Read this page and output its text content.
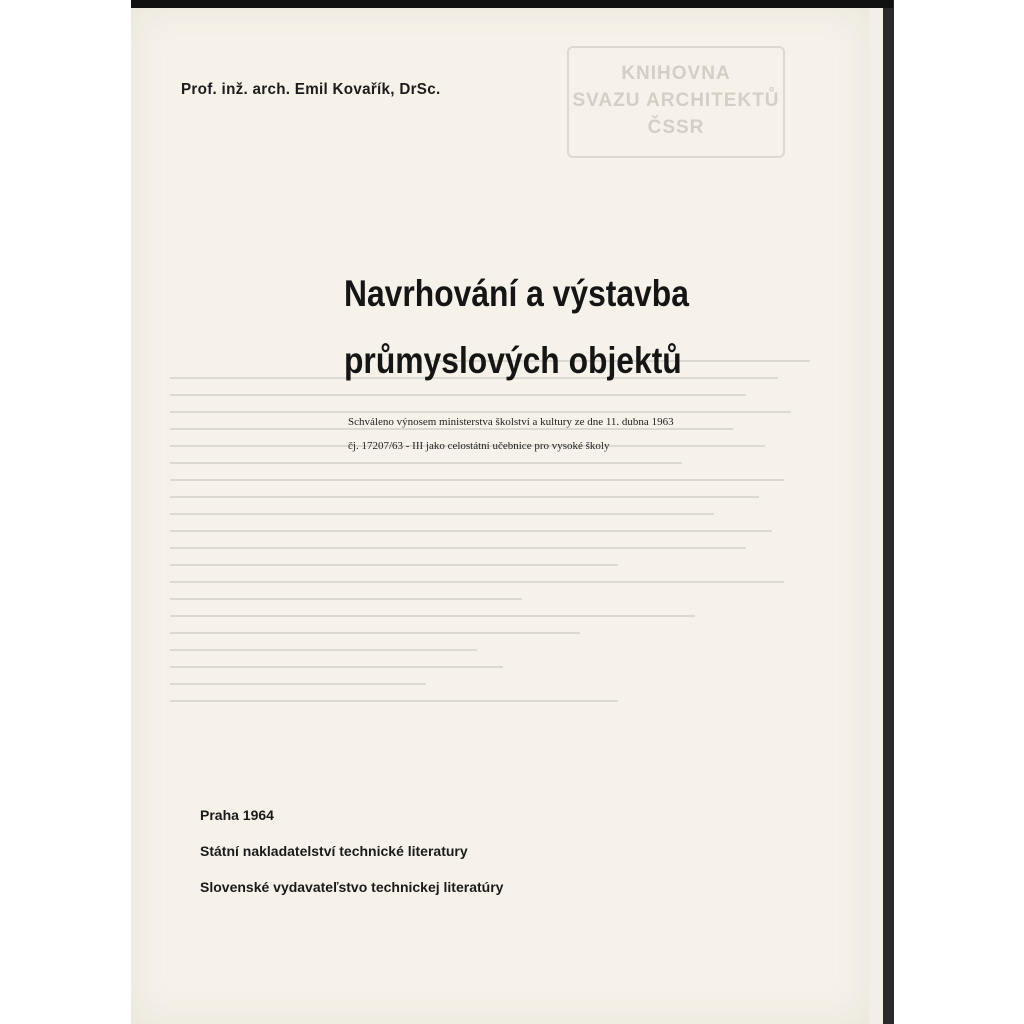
KNIHOVNA
SVAZU ARCHITEKTŮ
ČSSR
Prof. inž. arch. Emil Kovařík, DrSc.
Navrhování a výstavba
průmyslových objektů
Schváleno výnosem ministerstva školství a kultury ze dne 11. dubna 1963
čj. 17207/63 - III jako celostátní učebnice pro vysoké školy
Praha 1964
Státní nakladatelství technické literatury
Slovenské vydavateľstvo technickej literatúry
